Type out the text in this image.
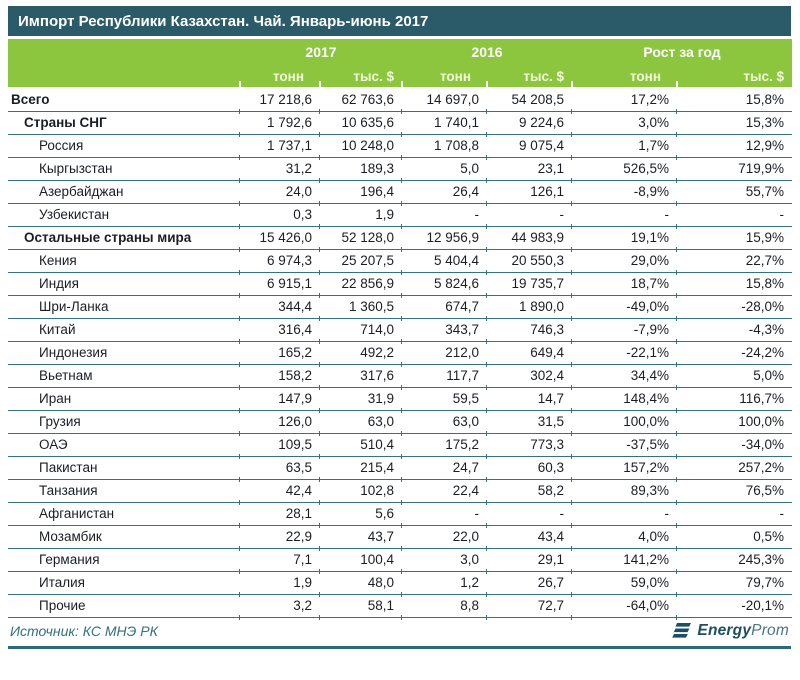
Импорт Республики Казахстан. Чай. Январь-июнь 2017
	2017		2016		Рост за год	
	тонн	тыс. $	тонн	тыс. $	тонн	тыс. $
Всего	17 218,6	62 763,6	14 697,0	54 208,5	17,2%	15,8%
Страны СНГ	1 792,6	10 635,6	1 740,1	9 224,6	3,0%	15,3%
Россия	1 737,1	10 248,0	1 708,8	9 075,4	1,7%	12,9%
Кыргызстан	31,2	189,3	5,0	23,1	526,5%	719,9%
Азербайджан	24,0	196,4	26,4	126,1	-8,9%	55,7%
Узбекистан	0,3	1,9	-	-	-	-
Остальные страны мира	15 426,0	52 128,0	12 956,9	44 983,9	19,1%	15,9%
Кения	6 974,3	25 207,5	5 404,4	20 550,3	29,0%	22,7%
Индия	6 915,1	22 856,9	5 824,6	19 735,7	18,7%	15,8%
Шри-Ланка	344,4	1 360,5	674,7	1 890,0	-49,0%	-28,0%
Китай	316,4	714,0	343,7	746,3	-7,9%	-4,3%
Индонезия	165,2	492,2	212,0	649,4	-22,1%	-24,2%
Вьетнам	158,2	317,6	117,7	302,4	34,4%	5,0%
Иран	147,9	31,9	59,5	14,7	148,4%	116,7%
Грузия	126,0	63,0	63,0	31,5	100,0%	100,0%
ОАЭ	109,5	510,4	175,2	773,3	-37,5%	-34,0%
Пакистан	63,5	215,4	24,7	60,3	157,2%	257,2%
Танзания	42,4	102,8	22,4	58,2	89,3%	76,5%
Афганистан	28,1	5,6	-	-	-	-
Мозамбик	22,9	43,7	22,0	43,4	4,0%	0,5%
Германия	7,1	100,4	3,0	29,1	141,2%	245,3%
Италия	1,9	48,0	1,2	26,7	59,0%	79,7%
Прочие	3,2	58,1	8,8	72,7	-64,0%	-20,1%
Источник: КС МНЭ РК	EnergyProm
